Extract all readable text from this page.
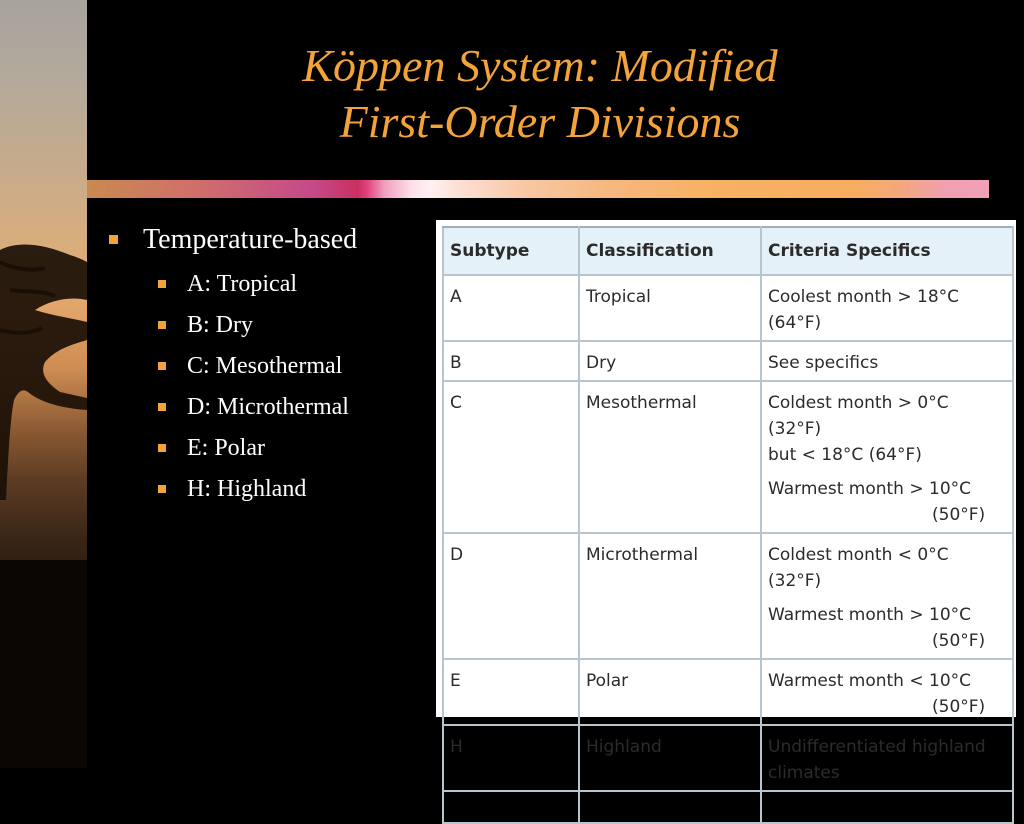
Köppen System: Modified
First-Order Divisions
Temperature-based
A: Tropical
B: Dry
C: Mesothermal
D: Microthermal
E: Polar
H: Highland
Subtype	Classification	Criteria Specifics
A	Tropical	Coolest month > 18°C (64°F)

B	Dry	See specifics

C	Mesothermal	Coldest month > 0°C (32°F)
but < 18°C (64°F)
Warmest month > 10°C
(50°F)

D	Microthermal	Coldest month < 0°C (32°F)
Warmest month > 10°C
(50°F)

E	Polar	Warmest month < 10°C
(50°F)

H	Highland	Undifferentiated highland
climates
